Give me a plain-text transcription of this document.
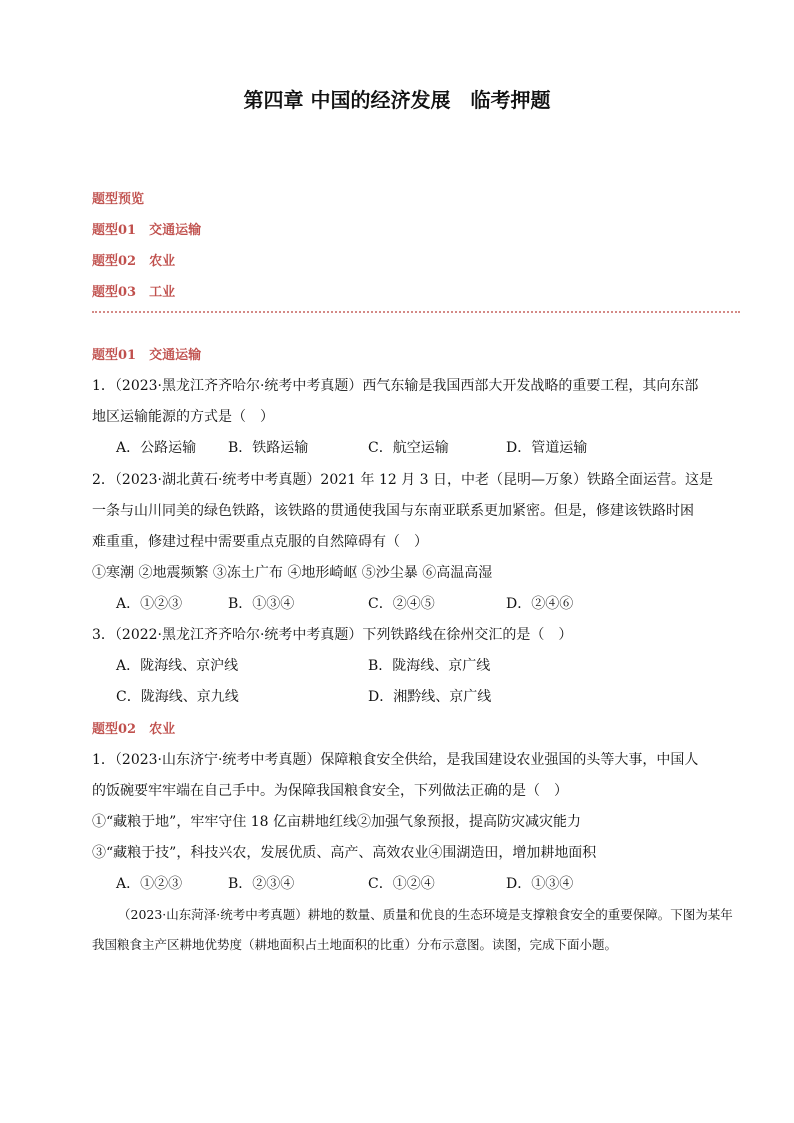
第四章 中国的经济发展　临考押题
题型预览
题型01　交通运输
题型02　农业
题型03　工业
题型01　交通运输
1．（2023·黑龙江齐齐哈尔·统考中考真题）西气东输是我国西部大开发战略的重要工程，其向东部
地区运输能源的方式是（　）
A．公路运输 B．铁路运输	C．航空运输	D．管道运输
2．（2023·湖北黄石·统考中考真题）2021 年 12 月 3 日，中老（昆明—万象）铁路全面运营。这是
一条与山川同美的绿色铁路，该铁路的贯通使我国与东南亚联系更加紧密。但是，修建该铁路时困
难重重，修建过程中需要重点克服的自然障碍有（　）
①寒潮 ②地震频繁 ③冻土广布 ④地形崎岖 ⑤沙尘暴 ⑥高温高湿
A．①②③	B．①③④	C．②④⑤	D．②④⑥
3．（2022·黑龙江齐齐哈尔·统考中考真题）下列铁路线在徐州交汇的是（　）
A．陇海线、京沪线	B．陇海线、京广线
C．陇海线、京九线	D．湘黔线、京广线
题型02　农业
1．（2023·山东济宁·统考中考真题）保障粮食安全供给，是我国建设农业强国的头等大事，中国人
的饭碗要牢牢端在自己手中。为保障我国粮食安全，下列做法正确的是（　）
①“藏粮于地”，牢牢守住 18 亿亩耕地红线②加强气象预报，提高防灾减灾能力
③“藏粮于技”，科技兴农，发展优质、高产、高效农业④围湖造田，增加耕地面积
A．①②③	B．②③④	C．①②④	D．①③④
（2023·山东菏泽·统考中考真题）耕地的数量、质量和优良的生态环境是支撑粮食安全的重要保障。下图为某年我国粮食主产区耕地优势度（耕地面积占土地面积的比重）分布示意图。读图，完成下面小题。
